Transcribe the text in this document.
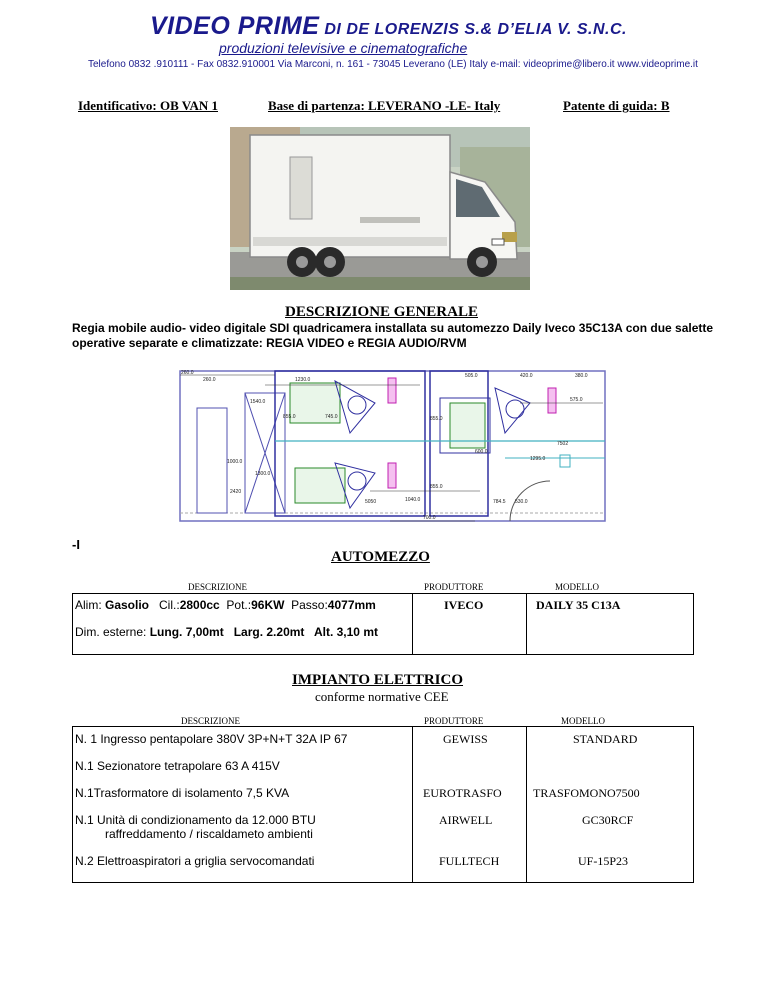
VIDEO PRIME DI DE LORENZIS S.& D’ELIA V. S.N.C.
produzioni televisive e cinematografiche
Telefono 0832 .910111 - Fax 0832.910001 Via Marconi, n. 161 - 73045 Leverano (LE) Italy e-mail: videoprime@libero.it www.videoprime.it
Identificativo: OB VAN 1	Base di partenza: LEVERANO -LE- Italy	Patente di guida: B
DESCRIZIONE GENERALE
Regia mobile audio- video digitale SDI quadricamera installata su automezzo Daily Iveco 35C13A con due salette operative separate e climatizzate: REGIA VIDEO e REGIA AUDIO/RVM
260.0
260.0	1230.0
505.0	420.0	380.0
575.0
1540.0
855.0	745.0	855.0
1000.0
1300.0
600.0
1295.0
7502
855.0
1040.0
5050	784.5 530.0
700.0
2420
-I
AUTOMEZZO
DESCRIZIONE	PRODUTTORE	MODELLO
Alim: Gasolio   Cil.:2800cc  Pot.:96KW  Passo:4077mm	IVECO	DAILY 35 C13A
Dim. esterne: Lung. 7,00mt   Larg. 2.20mt   Alt. 3,10 mt
IMPIANTO ELETTRICO
conforme normative CEE
DESCRIZIONE	PRODUTTORE	MODELLO
N. 1 Ingresso pentapolare 380V 3P+N+T 32A IP 67	GEWISS	STANDARD
N.1 Sezionatore tetrapolare 63 A 415V
N.1Trasformatore di isolamento 7,5 KVA	EUROTRASFO	TRASFOMONO7500
N.1 Unità di condizionamento da 12.000 BTU
raffreddamento / riscaldameto ambienti
AIRWELL	GC30RCF
N.2 Elettroaspiratori a griglia servocomandati	FULLTECH	UF-15P23
